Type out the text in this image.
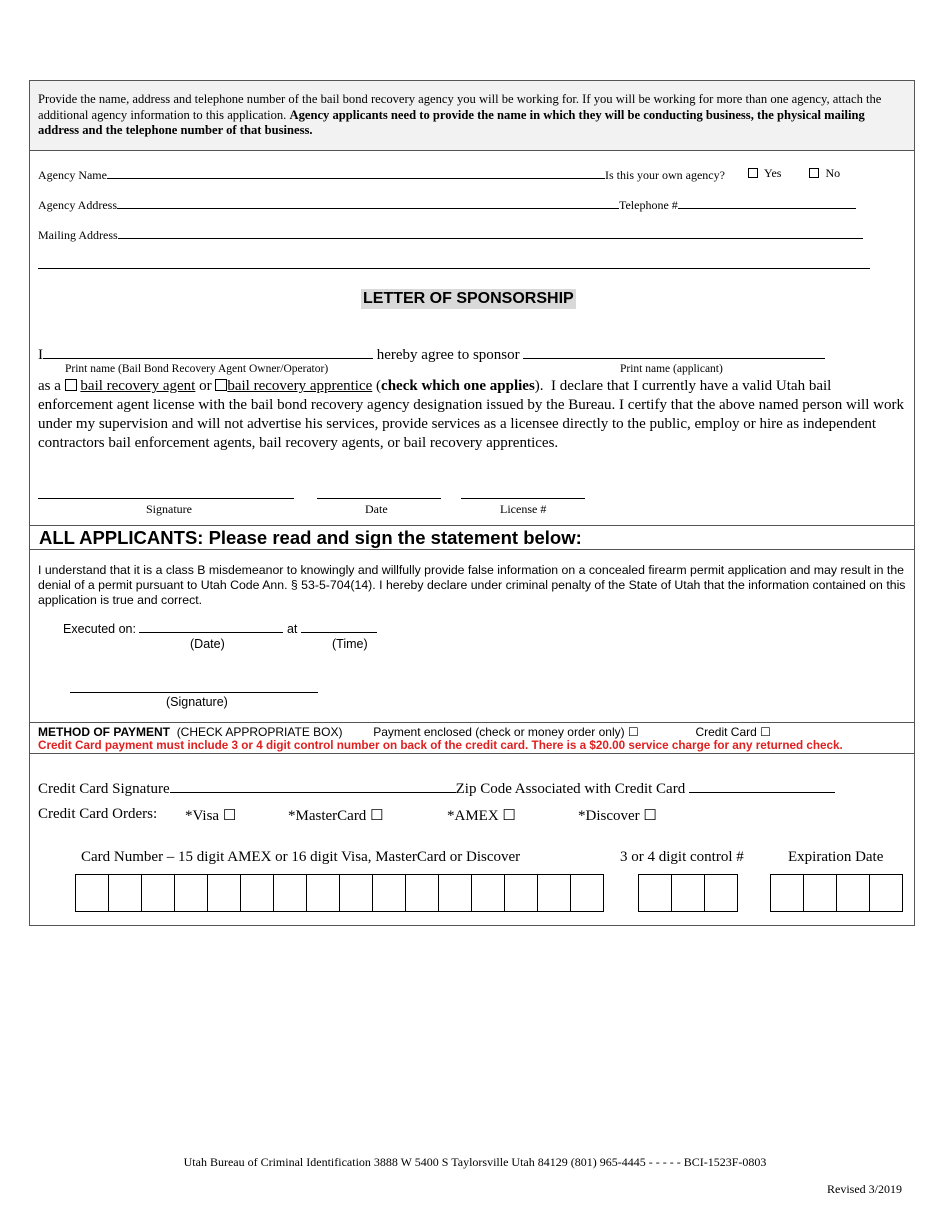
Provide the name, address and telephone number of the bail bond recovery agency you will be working for. If you will be working for more than one agency, attach the additional agency information to this application. Agency applicants need to provide the name in which they will be conducting business, the physical mailing address and the telephone number of that business.
Agency Name	Is this your own agency?	Yes	No
Agency Address	Telephone #
Mailing Address
LETTER OF SPONSORSHIP
I	hereby agree to sponsor
Print name (Bail Bond Recovery Agent Owner/Operator)	Print name (applicant)
as a bail recovery agent or bail recovery apprentice (check which one applies).  I declare that I currently have a valid Utah bail enforcement agent license with the bail bond recovery agency designation issued by the Bureau. I certify that the above named person will work under my supervision and will not advertise his services, provide services as a licensee directly to the public, employ or hire as independent contractors bail enforcement agents, bail recovery agents, or bail recovery apprentices.
Signature	Date	License #
ALL APPLICANTS: Please read and sign the statement below:
I understand that it is a class B misdemeanor to knowingly and willfully provide false information on a concealed firearm permit application and may result in the denial of a permit pursuant to Utah Code Ann. § 53-5-704(14). I hereby declare under criminal penalty of the State of Utah that the information contained on this application is true and correct.
Executed on:	at
(Date)	(Time)
(Signature)
METHOD OF PAYMENT (CHECK APPROPRIATE BOX)	Payment enclosed (check or money order only) ☐	Credit Card ☐
Credit Card payment must include 3 or 4 digit control number on back of the credit card. There is a $20.00 service charge for any returned check.
Credit Card Signature	Zip Code Associated with Credit Card
Credit Card Orders: *Visa ☐	*MasterCard ☐	*AMEX ☐	*Discover ☐
Card Number – 15 digit AMEX or 16 digit Visa, MasterCard or Discover	3 or 4 digit control #	Expiration Date
Utah Bureau of Criminal Identification 3888 W 5400 S Taylorsville Utah 84129 (801) 965-4445 - - - - - BCI-1523F-0803
Revised 3/2019
